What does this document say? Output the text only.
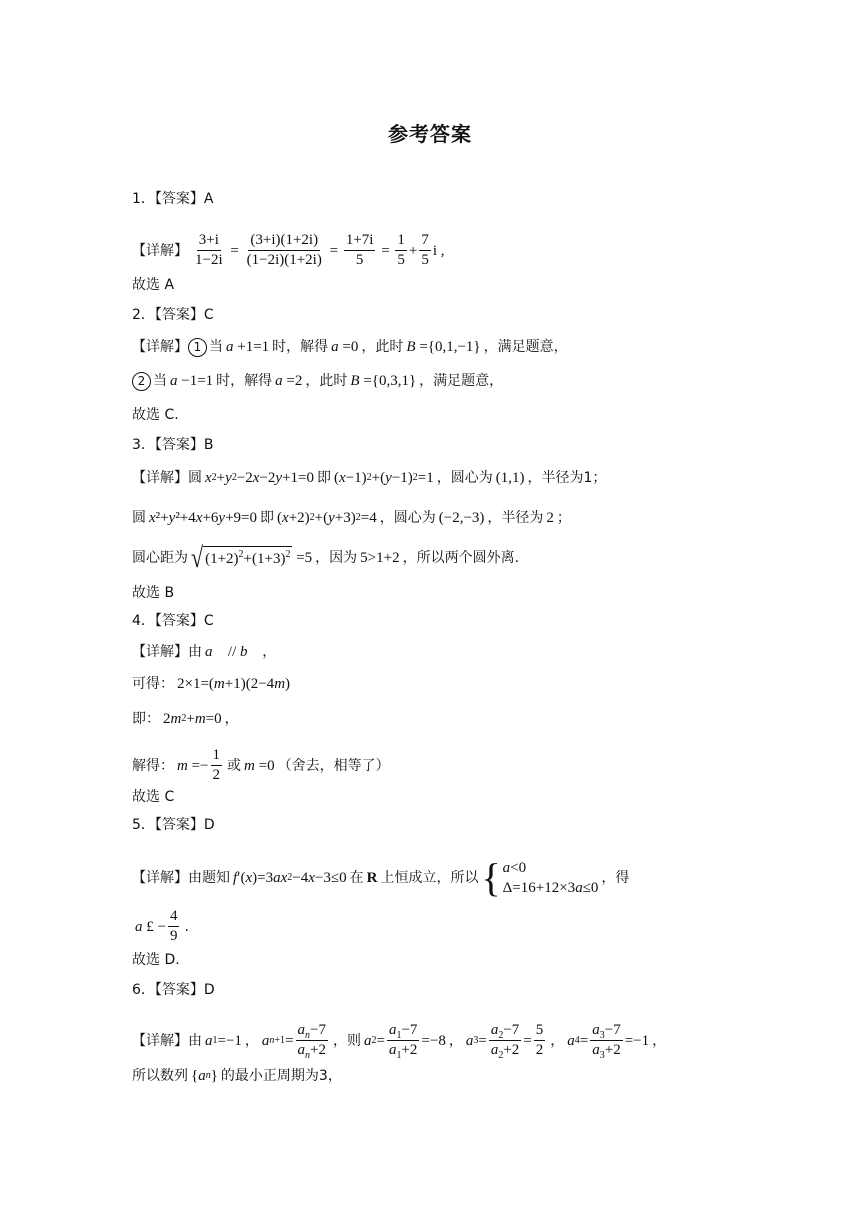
参考答案
1．【答案】A
【详解】 $\frac{3+i}{1-2i} = \frac{(3+i)(1+2i)}{(1-2i)(1+2i)} = \frac{1+7i}{5} = \frac{1}{5} + \frac{7}{5}$ i ,
故选 A
2．【答案】C
【详解】 1 当 a +1=1 时，解得 a =0 ，此时 B ={0,1,−1} ，满足题意，
2 当 a −1=1 时，解得 a =2 ，此时 B ={0,3,1} ，满足题意，
故选 C.
3．【答案】B
【详解】圆 x 2 + y 2 −2 x −2 y +1=0 即 ( x −1) 2 +( y −1) 2 =1 ，圆心为 (1,1) ，半径为1；
圆 x ²+ y ²+4 x +6 y +9=0 即 ( x +2) 2 +( y +3) 2 =4 ，圆心为 (−2,−3) ，半径为 2 ；
圆心距为 √ $(1+2)^2+(1+3)^2 =5$ ，因为 5>1+2 ，所以两个圆外离.
故选 B
4．【答案】C
【详解】由 a⃗ // b⃗ ，
可得： 2×1=( m +1)(2−4 m )
即： 2 m 2 + m =0 ，
解得： $m =- \frac{1}{2}$ 或 m =0 （舍去，相等了）
故选 C
5．【答案】D
【详解】由题知 f ′( x )=3 ax 2 −4 x −3≤0 在 R 上恒成立，所以 { a<0
Δ=16+12×3a≤0
，得
a £ − $\frac{4}{9}$ .
故选 D.
6．【答案】D
【详解】由 a 1 =−1 ， a $n+1 = \frac{a_n-7}{a_n+2}$ ，则 a $2 = \frac{a_1-7}{a_1+2} =-8$ ， a $3 = \frac{a_2-7}{a_2+2} = \frac{5}{2}$ ， a $4 = \frac{a_3-7}{a_3+2} =-1$ ，
所以数列 { a n } 的最小正周期为 3，
